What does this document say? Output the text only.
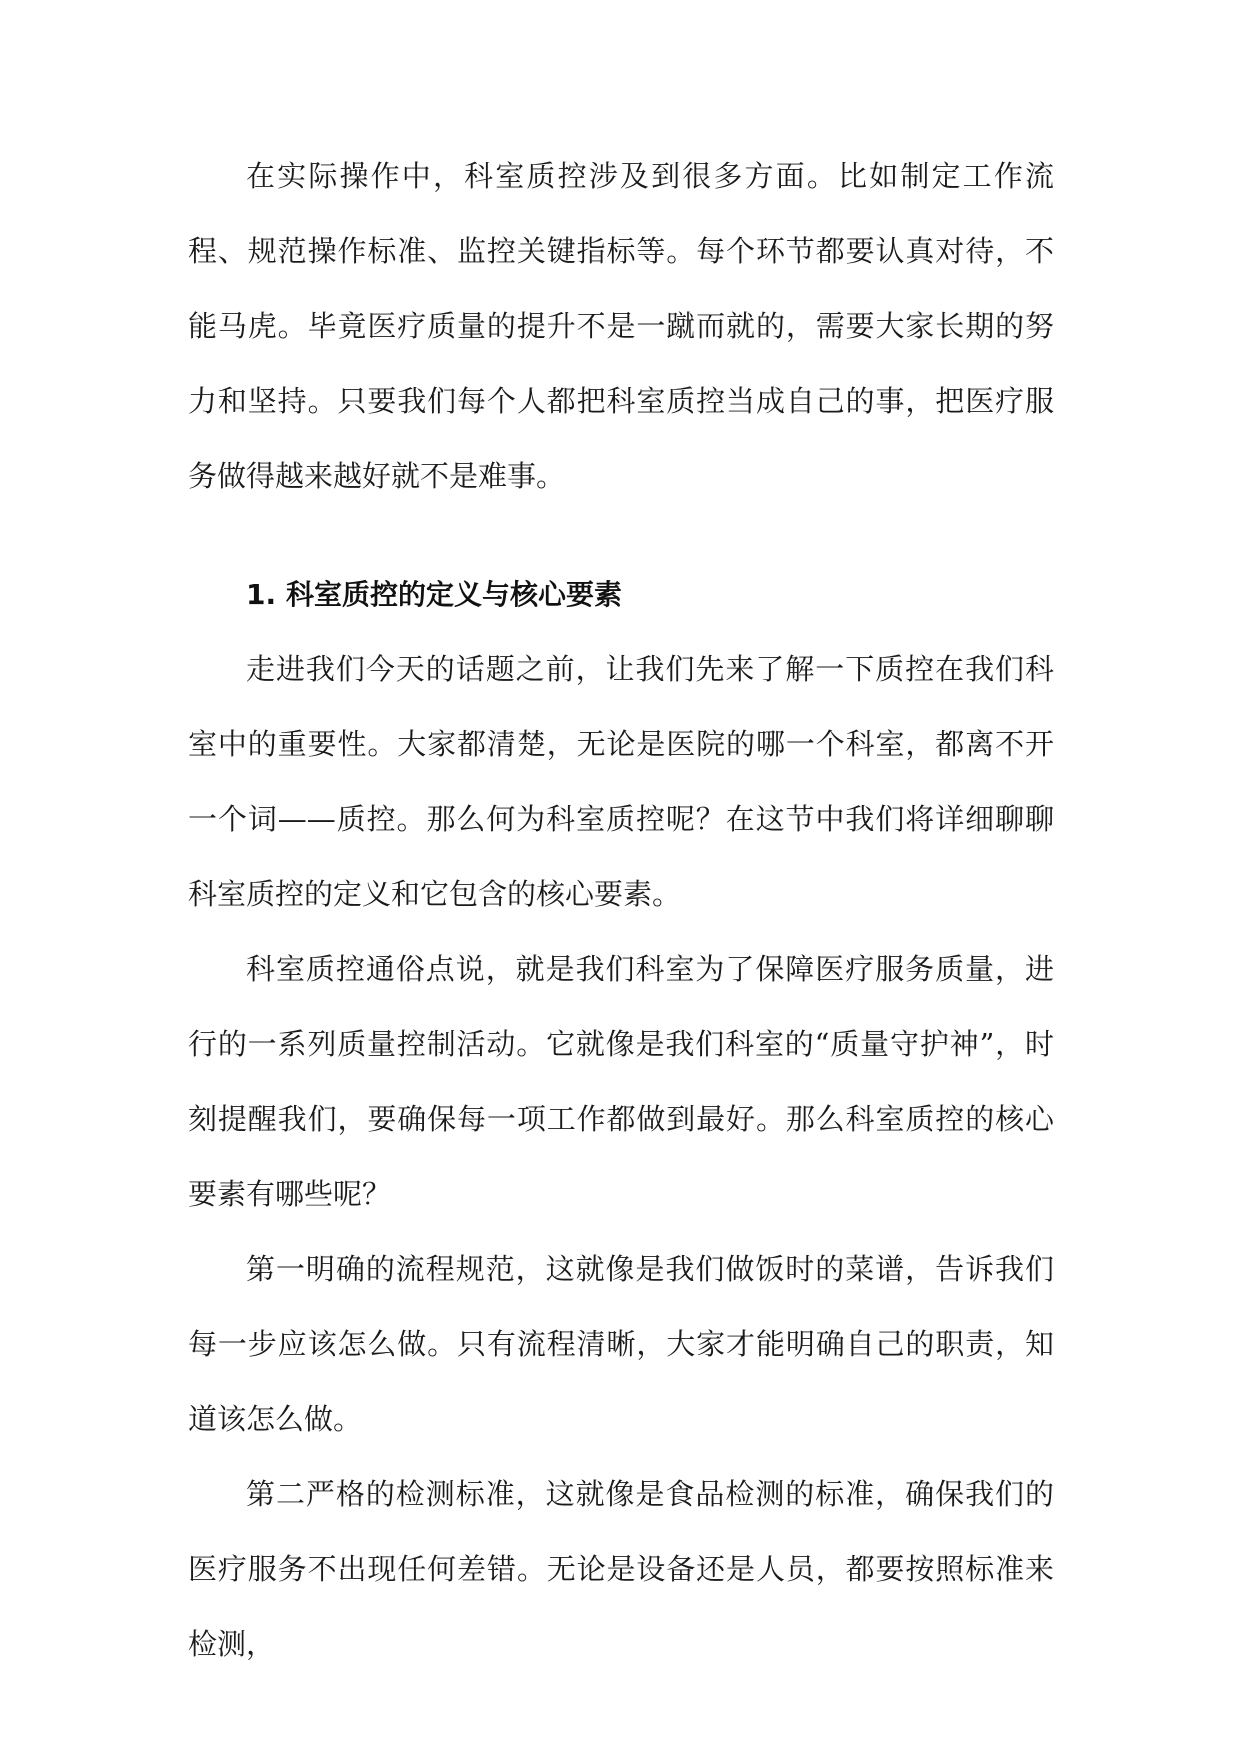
在实际操作中，科室质控涉及到很多方面。比如制定工作流程、规范操作标准、监控关键指标等。每个环节都要认真对待，不能马虎。毕竟医疗质量的提升不是一蹴而就的，需要大家长期的努力和坚持。只要我们每个人都把科室质控当成自己的事，把医疗服务做得越来越好就不是难事。

1. 科室质控的定义与核心要素

走进我们今天的话题之前，让我们先来了解一下质控在我们科室中的重要性。大家都清楚，无论是医院的哪一个科室，都离不开一个词——质控。那么何为科室质控呢？在这节中我们将详细聊聊科室质控的定义和它包含的核心要素。

科室质控通俗点说，就是我们科室为了保障医疗服务质量，进行的一系列质量控制活动。它就像是我们科室的“质量守护神”，时刻提醒我们，要确保每一项工作都做到最好。那么科室质控的核心要素有哪些呢？

第一明确的流程规范，这就像是我们做饭时的菜谱，告诉我们每一步应该怎么做。只有流程清晰，大家才能明确自己的职责，知道该怎么做。

第二严格的检测标准，这就像是食品检测的标准，确保我们的医疗服务不出现任何差错。无论是设备还是人员，都要按照标准来检测，
